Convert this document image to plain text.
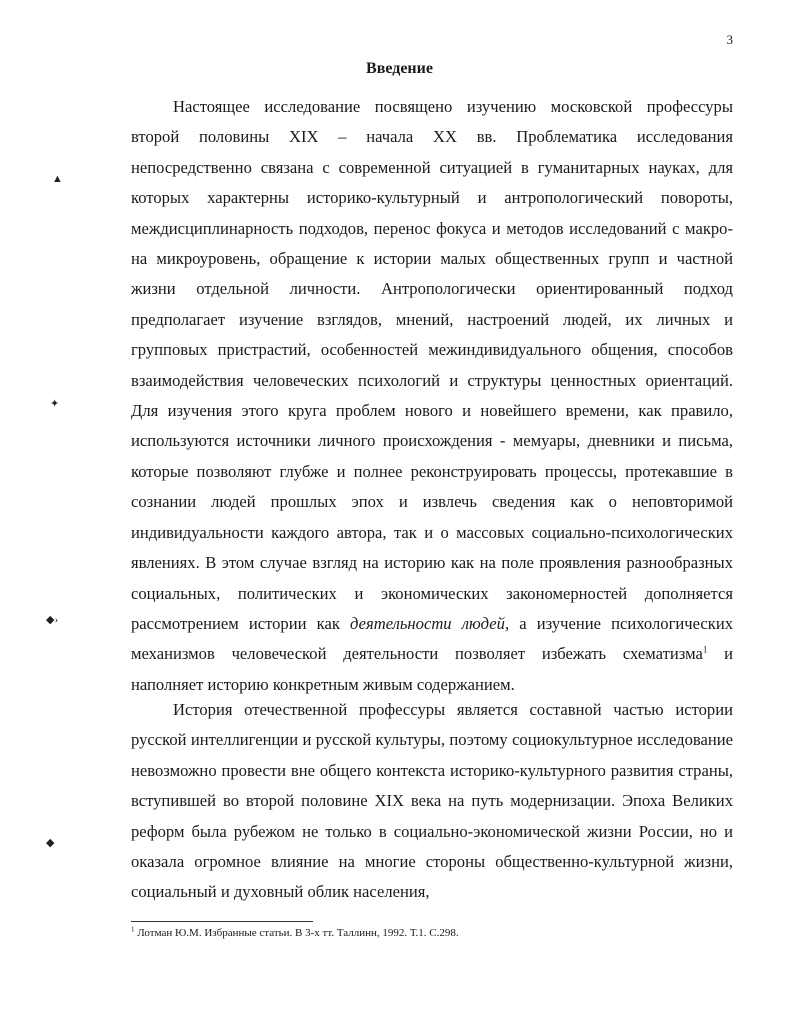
3
Введение

Настоящее исследование посвящено изучению московской профессуры второй половины XIX – начала XX вв. Проблематика исследования непосредственно связана с современной ситуацией в гуманитарных науках, для которых характерны историко-культурный и антропологический повороты, междисциплинарность подходов, перенос фокуса и методов исследований с макро- на микроуровень, обращение к истории малых общественных групп и частной жизни отдельной личности. Антропологически ориентированный подход предполагает изучение взглядов, мнений, настроений людей, их личных и групповых пристрастий, особенностей межиндивидуального общения, способов взаимодействия человеческих психологий и структуры ценностных ориентаций. Для изучения этого круга проблем нового и новейшего времени, как правило, используются источники личного происхождения - мемуары, дневники и письма, которые позволяют глубже и полнее реконструировать процессы, протекавшие в сознании людей прошлых эпох и извлечь сведения как о неповторимой индивидуальности каждого автора, так и о массовых социально-психологических явлениях. В этом случае взгляд на историю как на поле проявления разнообразных социальных, политических и экономических закономерностей дополняется рассмотрением истории как деятельности людей, а изучение психологических механизмов человеческой деятельности позволяет избежать схематизма$^1$ и наполняет историю конкретным живым содержанием.

История отечественной профессуры является составной частью истории русской интеллигенции и русской культуры, поэтому социокультурное исследование невозможно провести вне общего контекста историко-культурного развития страны, вступившей во второй половине XIX века на путь модернизации. Эпоха Великих реформ была рубежом не только в социально-экономической жизни России, но и оказала огромное влияние на многие стороны общественно-культурной жизни, социальный и духовный облик населения,

$^1$ Лотман Ю.М. Избранные статьи. В 3-х тт. Таллинн, 1992. Т.1. С.298.
▲
✦
◆›
◆
